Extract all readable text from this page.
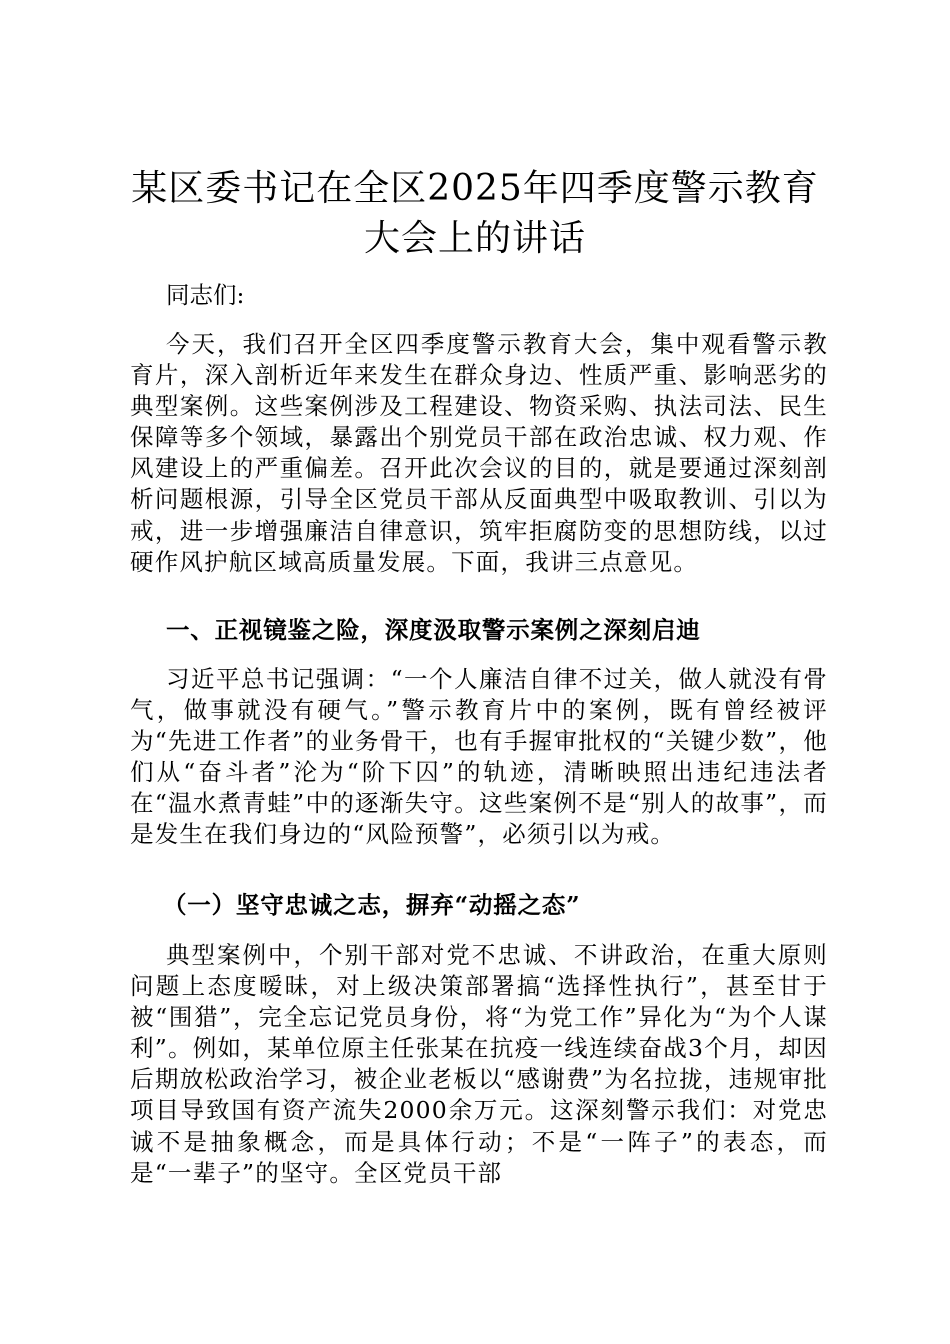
某区委书记在全区2025年四季度警示教育大会上的讲话
同志们:
今天，我们召开全区四季度警示教育大会，集中观看警示教育片，深入剖析近年来发生在群众身边、性质严重、影响恶劣的典型案例。这些案例涉及工程建设、物资采购、执法司法、民生保障等多个领域，暴露出个别党员干部在政治忠诚、权力观、作风建设上的严重偏差。召开此次会议的目的，就是要通过深刻剖析问题根源，引导全区党员干部从反面典型中吸取教训、引以为戒，进一步增强廉洁自律意识，筑牢拒腐防变的思想防线，以过硬作风护航区域高质量发展。下面，我讲三点意见。
一、正视镜鉴之险，深度汲取警示案例之深刻启迪
习近平总书记强调：“一个人廉洁自律不过关，做人就没有骨气，做事就没有硬气。”警示教育片中的案例，既有曾经被评为“先进工作者”的业务骨干，也有手握审批权的“关键少数”，他们从“奋斗者”沦为“阶下囚”的轨迹，清晰映照出违纪违法者在“温水煮青蛙”中的逐渐失守。这些案例不是“别人的故事”，而是发生在我们身边的“风险预警”，必须引以为戒。
（一）坚守忠诚之志，摒弃“动摇之态”
典型案例中，个别干部对党不忠诚、不讲政治，在重大原则问题上态度暧昧，对上级决策部署搞“选择性执行”，甚至甘于被“围猎”，完全忘记党员身份，将“为党工作”异化为“为个人谋利”。例如，某单位原主任张某在抗疫一线连续奋战3个月，却因后期放松政治学习，被企业老板以“感谢费”为名拉拢，违规审批项目导致国有资产流失2000余万元。这深刻警示我们：对党忠诚不是抽象概念，而是具体行动；不是“一阵子”的表态，而是“一辈子”的坚守。全区党员干部
